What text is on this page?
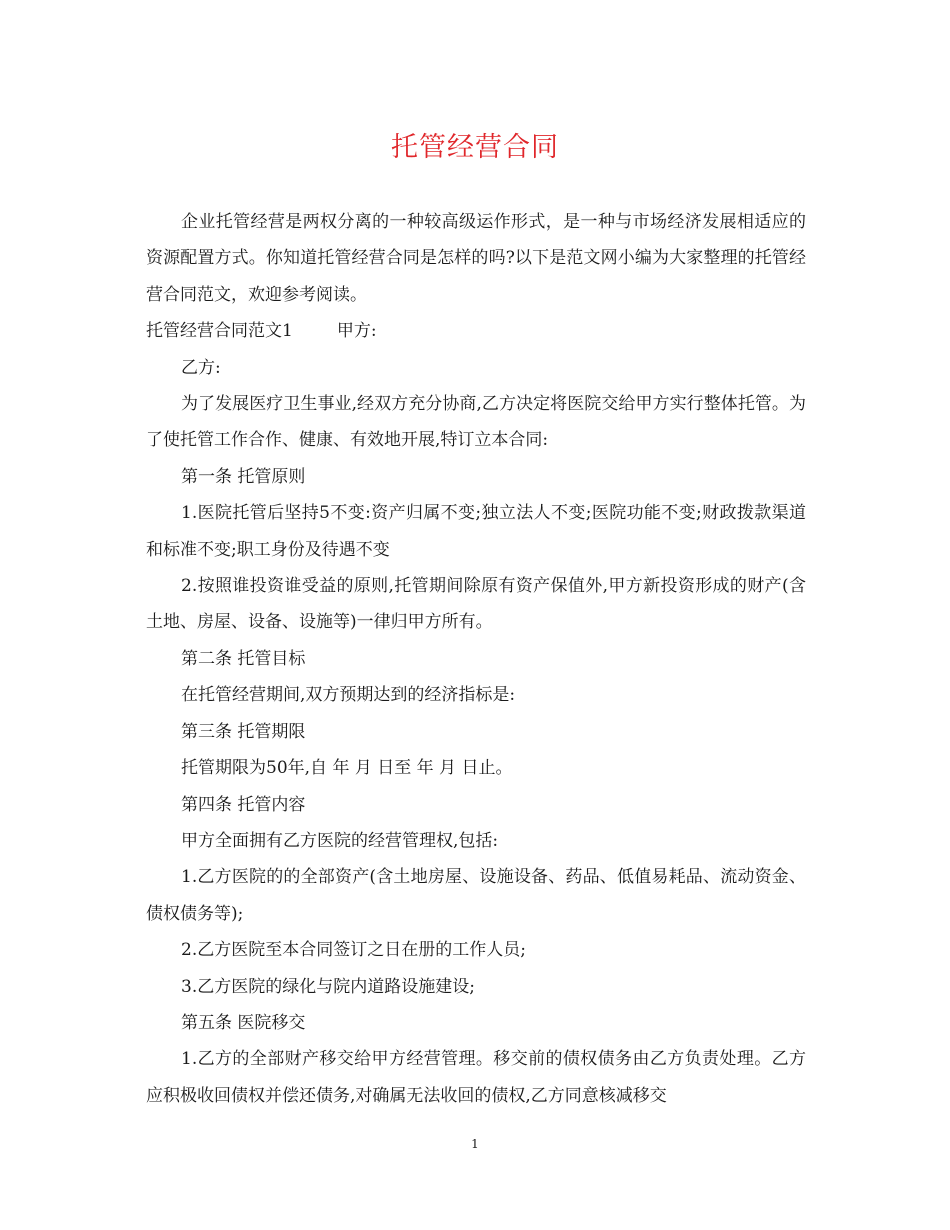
托管经营合同

企业托管经营是两权分离的一种较高级运作形式，是一种与市场经济发展相适应的资源配置方式。你知道托管经营合同是怎样的吗?以下是范文网小编为大家整理的托管经营合同范文，欢迎参考阅读。

托管经营合同范文1	甲方:

乙方:

为了发展医疗卫生事业,经双方充分协商,乙方决定将医院交给甲方实行整体托管。为了使托管工作合作、健康、有效地开展,特订立本合同:

第一条 托管原则

1.医院托管后坚持5不变:资产归属不变;独立法人不变;医院功能不变;财政拨款渠道和标准不变;职工身份及待遇不变

2.按照谁投资谁受益的原则,托管期间除原有资产保值外,甲方新投资形成的财产(含土地、房屋、设备、设施等)一律归甲方所有。

第二条 托管目标

在托管经营期间,双方预期达到的经济指标是:

第三条 托管期限

托管期限为50年,自 年 月 日至 年 月 日止。

第四条 托管内容

甲方全面拥有乙方医院的经营管理权,包括:

1.乙方医院的的全部资产(含土地房屋、设施设备、药品、低值易耗品、流动资金、债权债务等);

2.乙方医院至本合同签订之日在册的工作人员;

3.乙方医院的绿化与院内道路设施建设;

第五条 医院移交

1.乙方的全部财产移交给甲方经营管理。移交前的债权债务由乙方负责处理。乙方应积极收回债权并偿还债务,对确属无法收回的债权,乙方同意核减移交

1
